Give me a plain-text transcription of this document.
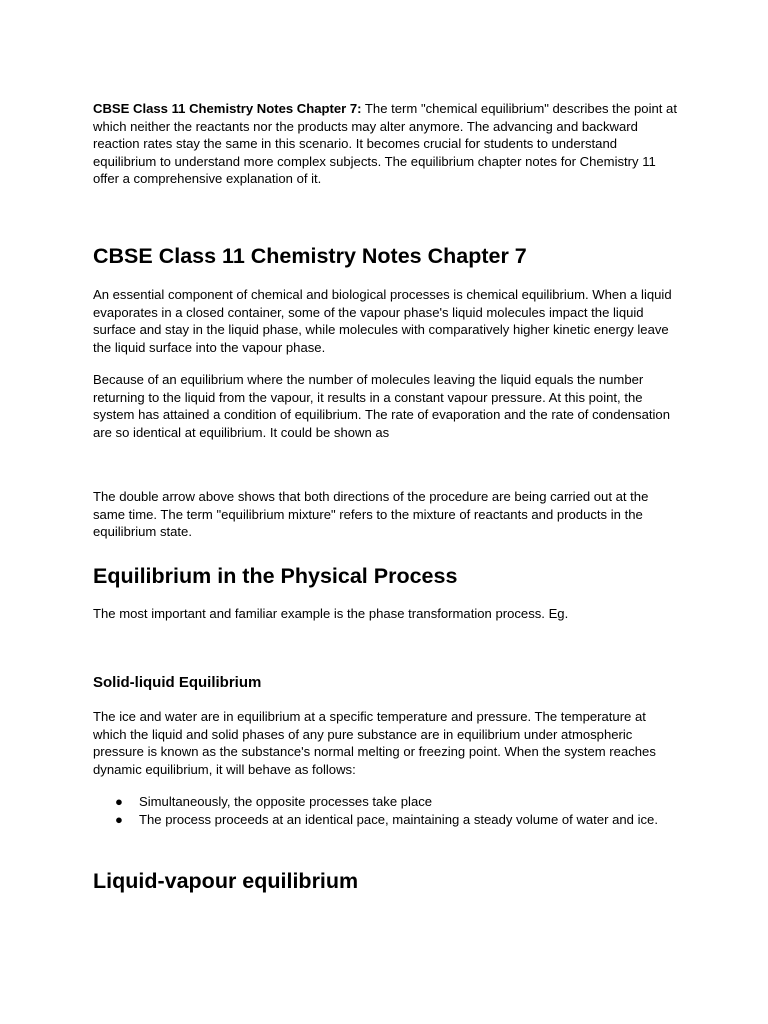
CBSE Class 11 Chemistry Notes Chapter 7: The term "chemical equilibrium" describes the point at which neither the reactants nor the products may alter anymore. The advancing and backward reaction rates stay the same in this scenario. It becomes crucial for students to understand equilibrium to understand more complex subjects. The equilibrium chapter notes for Chemistry 11 offer a comprehensive explanation of it.

CBSE Class 11 Chemistry Notes Chapter 7

An essential component of chemical and biological processes is chemical equilibrium. When a liquid evaporates in a closed container, some of the vapour phase's liquid molecules impact the liquid surface and stay in the liquid phase, while molecules with comparatively higher kinetic energy leave the liquid surface into the vapour phase.

Because of an equilibrium where the number of molecules leaving the liquid equals the number returning to the liquid from the vapour, it results in a constant vapour pressure. At this point, the system has attained a condition of equilibrium. The rate of evaporation and the rate of condensation are so identical at equilibrium. It could be shown as

The double arrow above shows that both directions of the procedure are being carried out at the same time. The term "equilibrium mixture" refers to the mixture of reactants and products in the equilibrium state.

Equilibrium in the Physical Process

The most important and familiar example is the phase transformation process. Eg.

Solid-liquid Equilibrium

The ice and water are in equilibrium at a specific temperature and pressure. The temperature at which the liquid and solid phases of any pure substance are in equilibrium under atmospheric pressure is known as the substance's normal melting or freezing point. When the system reaches dynamic equilibrium, it will behave as follows:

● Simultaneously, the opposite processes take place
● The process proceeds at an identical pace, maintaining a steady volume of water and ice.
Liquid-vapour equilibrium
